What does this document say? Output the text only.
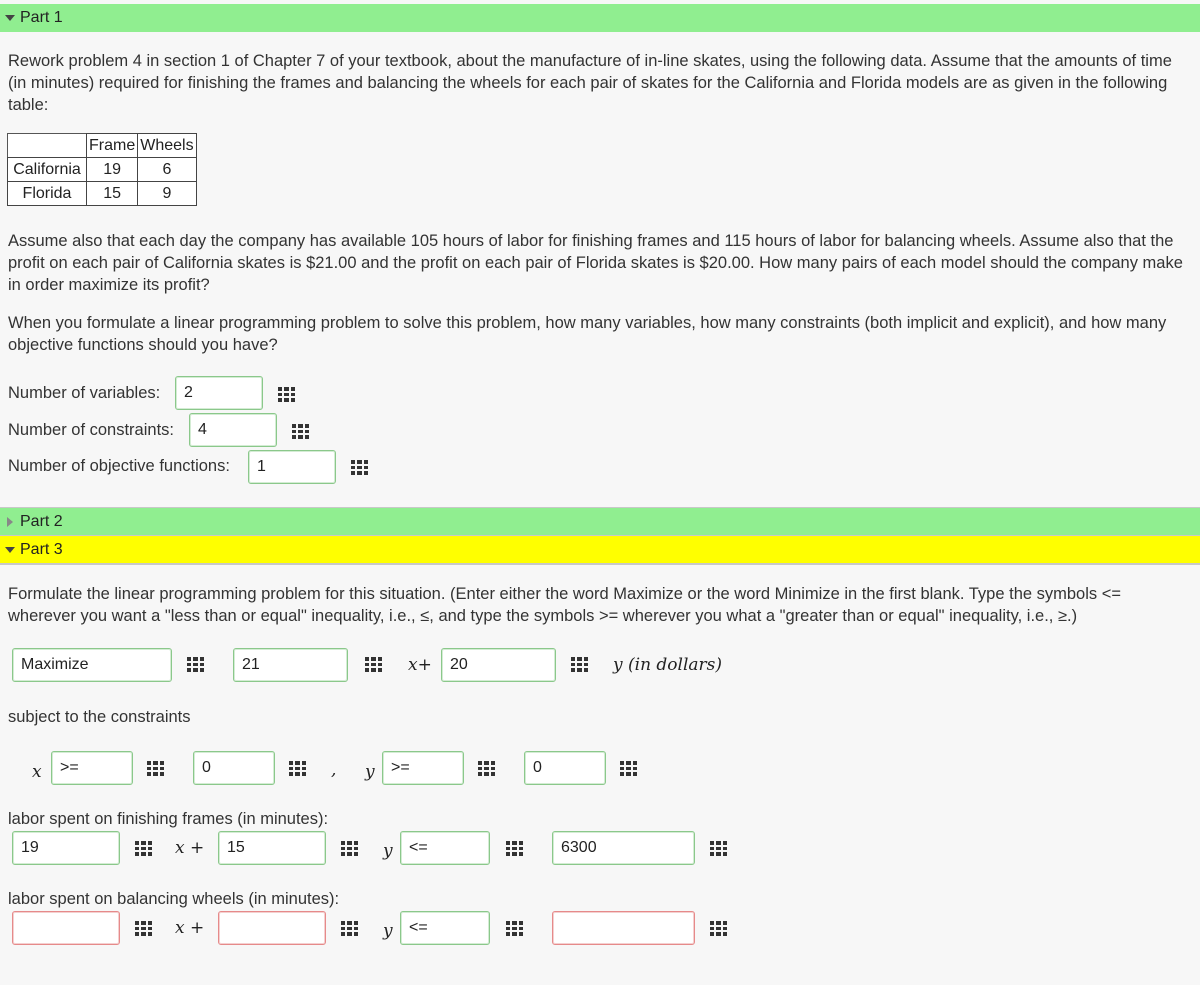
Part 1

Rework problem 4 in section 1 of Chapter 7 of your textbook, about the manufacture of in-line skates, using the following data. Assume that the amounts of time (in minutes) required for finishing the frames and balancing the wheels for each pair of skates for the California and Florida models are as given in the following table:

	Frame	Wheels
California	19	6
Florida	15	9

Assume also that each day the company has available 105 hours of labor for finishing frames and 115 hours of labor for balancing wheels. Assume also that the profit on each pair of California skates is $21.00 and the profit on each pair of Florida skates is $20.00. How many pairs of each model should the company make in order maximize its profit?

When you formulate a linear programming problem to solve this problem, how many variables, how many constraints (both implicit and explicit), and how many objective functions should you have?

Number of variables:	2
Number of constraints:	4
Number of objective functions:	1
Part 2
Part 3

Formulate the linear programming problem for this situation. (Enter either the word Maximize or the word Minimize in the first blank. Type the symbols <= wherever you want a "less than or equal" inequality, i.e., ≤, and type the symbols >= wherever you what a "greater than or equal" inequality, i.e., ≥.)

Maximize	21	x+	20	y (in dollars)
subject to the constraints
x	>=	0	, y	>=	0
labor spent on finishing frames (in minutes):
19	x +	15	y	<=	6300
labor spent on balancing wheels (in minutes):
x +	y	<=
